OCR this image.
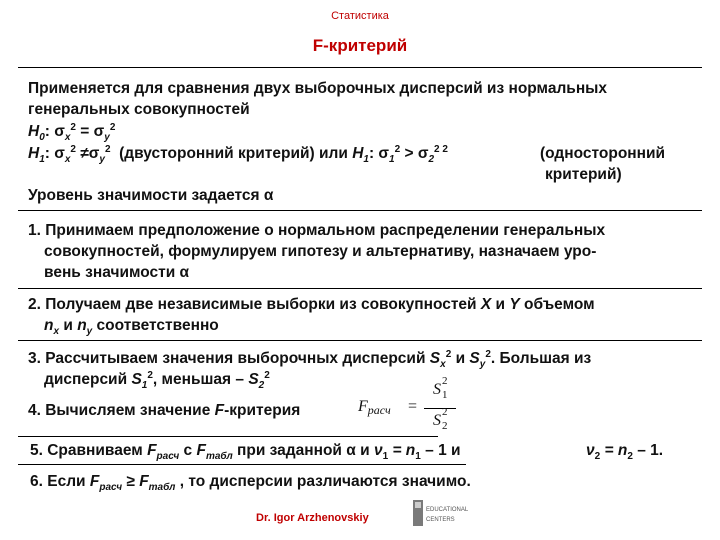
Статистика
F-критерий
Применяется для сравнения двух выборочных дисперсий из нормальных
генеральных совокупностей
$H_0$: $\sigma_x^2 = \sigma_y^2$
$H_1$: $\sigma_x^2 \ne\sigma_y^2$ (двусторонний критерий) или $H_1$: $\sigma_1^2 > \sigma_2^{2 2}$	(односторонний
критерий)
Уровень значимости задается α
1. Принимаем предположение о нормальном распределении генеральных
совокупностей, формулируем гипотезу и альтернативу, назначаем уро-
вень значимости α
2. Получаем две независимые выборки из совокупностей X и Y объемом
$n_x$ и $n_y$ соответственно
3. Рассчитываем значения выборочных дисперсий $S_x^2$ и $S_y^2$. Большая из
дисперсий $S_1^2$, меньшая – $S_2^2$
4. Вычисляем значение F-критерия	Fрасч =
S 2
1
S 2
2
5. Сравниваем $F_{расч}$ с $F_{табл}$ при заданной α и $\nu_1 = n_1 - 1$ и	$\nu_2 = n_2 - 1$.
6. Если $F_{расч} \ge F_{табл}$ , то дисперсии различаются значимо.
Dr. Igor Arzhenovskiy
EDUCATIONAL
CENTERS
